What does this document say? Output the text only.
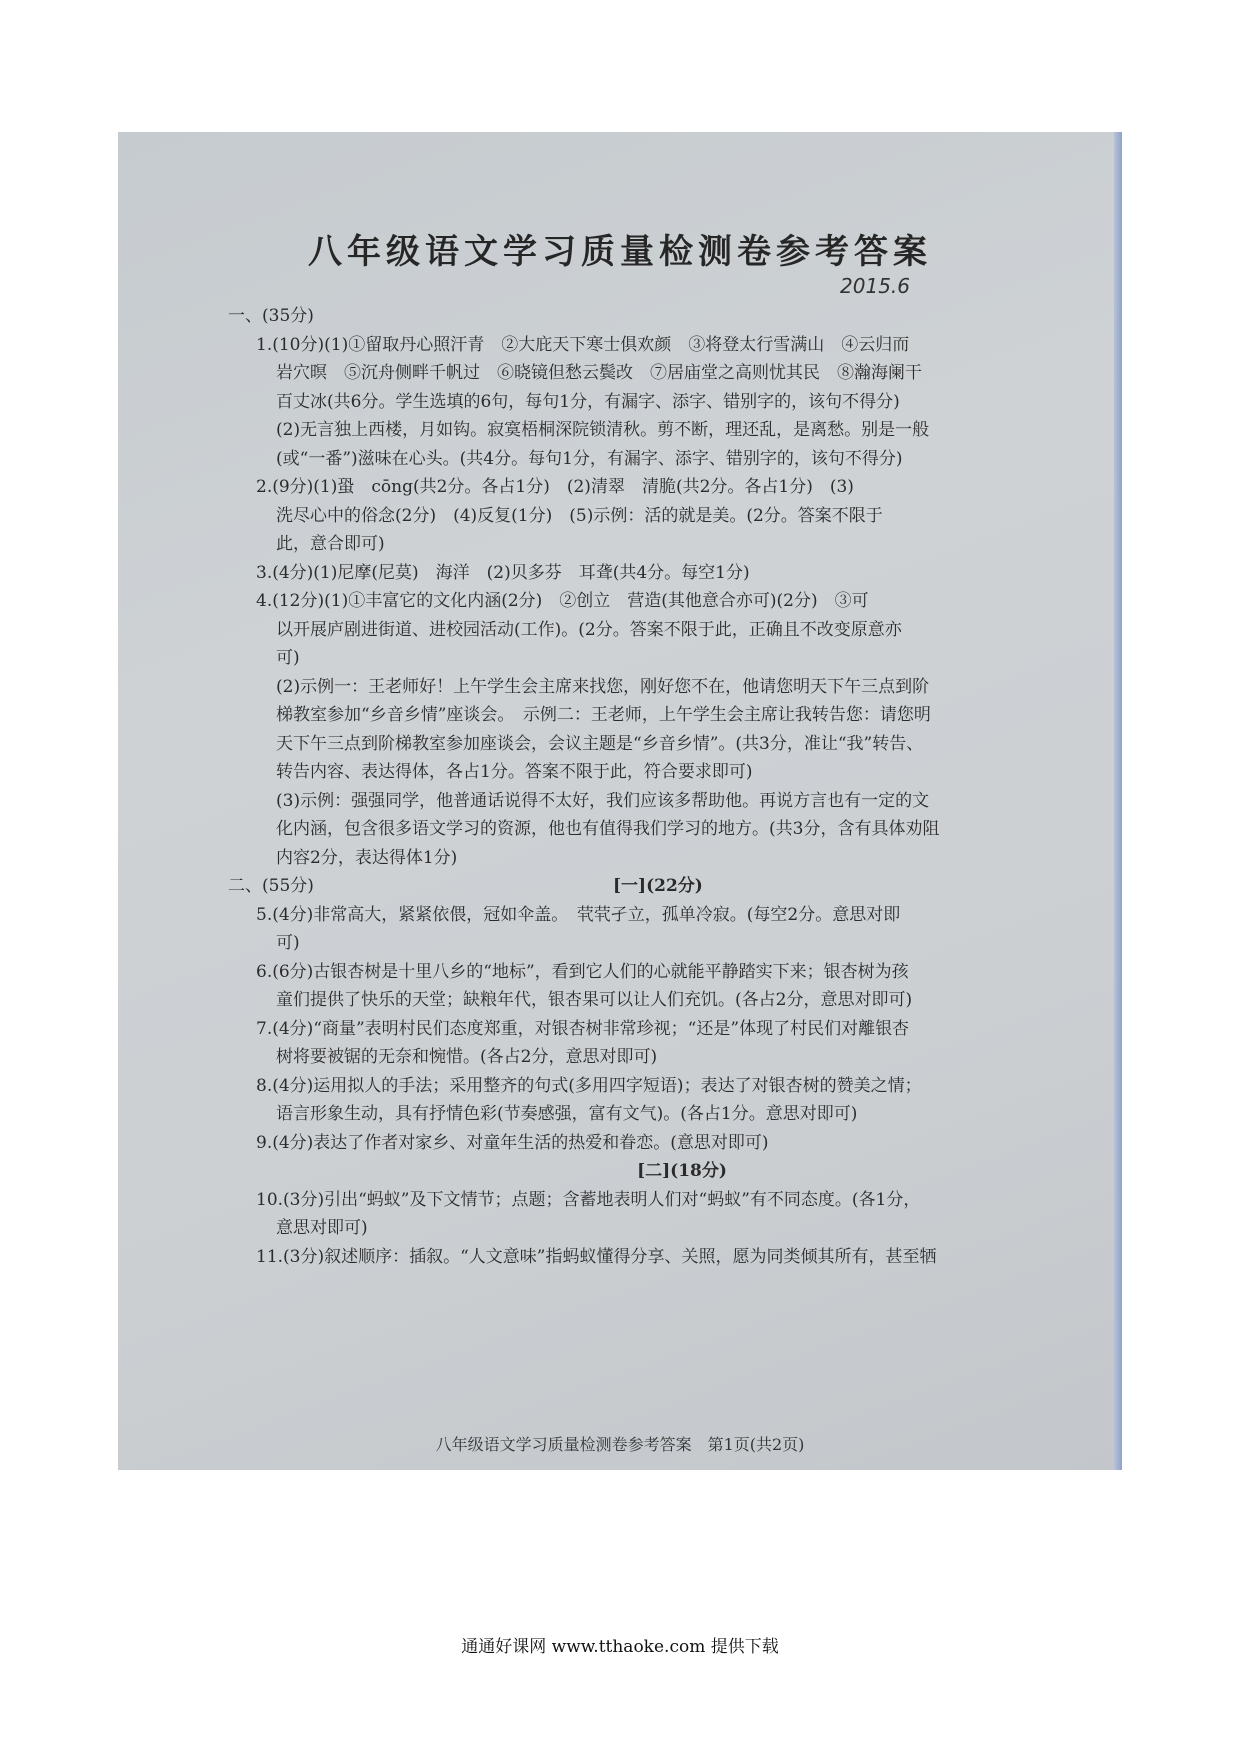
八年级语文学习质量检测卷参考答案
2015.6
一、(35分)
1.(10分)(1)①留取丹心照汗青　②大庇天下寒士俱欢颜　③将登太行雪满山　④云归而
岩穴暝　⑤沉舟侧畔千帆过　⑥晓镜但愁云鬓改　⑦居庙堂之高则忧其民　⑧瀚海阑干
百丈冰(共6分。学生选填的6句，每句1分，有漏字、添字、错别字的，该句不得分)
(2)无言独上西楼，月如钩。寂寞梧桐深院锁清秋。剪不断，理还乱，是离愁。别是一般
(或“一番”)滋味在心头。(共4分。每句1分，有漏字、添字、错别字的，该句不得分)
2.(9分)(1)蛩　cōng(共2分。各占1分)　(2)清翠　清脆(共2分。各占1分)　(3)
洗尽心中的俗念(2分)　(4)反复(1分)　(5)示例：活的就是美。(2分。答案不限于
此，意合即可)
3.(4分)(1)尼摩(尼莫)　海洋　(2)贝多芬　耳聋(共4分。每空1分)
4.(12分)(1)①丰富它的文化内涵(2分)　②创立　营造(其他意合亦可)(2分)　③可
以开展庐剧进街道、进校园活动(工作)。(2分。答案不限于此，正确且不改变原意亦
可)
(2)示例一：王老师好！上午学生会主席来找您，刚好您不在，他请您明天下午三点到阶
梯教室参加“乡音乡情”座谈会。　示例二：王老师，上午学生会主席让我转告您：请您明
天下午三点到阶梯教室参加座谈会，会议主题是“乡音乡情”。(共3分，准让“我”转告、
转告内容、表达得体，各占1分。答案不限于此，符合要求即可)
(3)示例：强强同学，他普通话说得不太好，我们应该多帮助他。再说方言也有一定的文
化内涵，包含很多语文学习的资源，他也有值得我们学习的地方。(共3分，含有具体劝阻
内容2分，表达得体1分)
二、(55分)	[一](22分)
5.(4分)非常高大，紧紧依偎，冠如伞盖。　茕茕孑立，孤单冷寂。(每空2分。意思对即
可)
6.(6分)古银杏树是十里八乡的“地标”，看到它人们的心就能平静踏实下来；银杏树为孩
童们提供了快乐的天堂；缺粮年代，银杏果可以让人们充饥。(各占2分，意思对即可)
7.(4分)“商量”表明村民们态度郑重，对银杏树非常珍视；“还是”体现了村民们对離银杏
树将要被锯的无奈和惋惜。(各占2分，意思对即可)
8.(4分)运用拟人的手法；采用整齐的句式(多用四字短语)；表达了对银杏树的赞美之情；
语言形象生动，具有抒情色彩(节奏感强，富有文气)。(各占1分。意思对即可)
9.(4分)表达了作者对家乡、对童年生活的热爱和眷恋。(意思对即可)
[二](18分)
10.(3分)引出“蚂蚁”及下文情节；点题；含蓄地表明人们对“蚂蚁”有不同态度。(各1分，
意思对即可)
11.(3分)叙述顺序：插叙。“人文意味”指蚂蚁懂得分享、关照，愿为同类倾其所有，甚至牺
八年级语文学习质量检测卷参考答案　第1页(共2页)
通通好课网 www.tthaoke.com 提供下载
